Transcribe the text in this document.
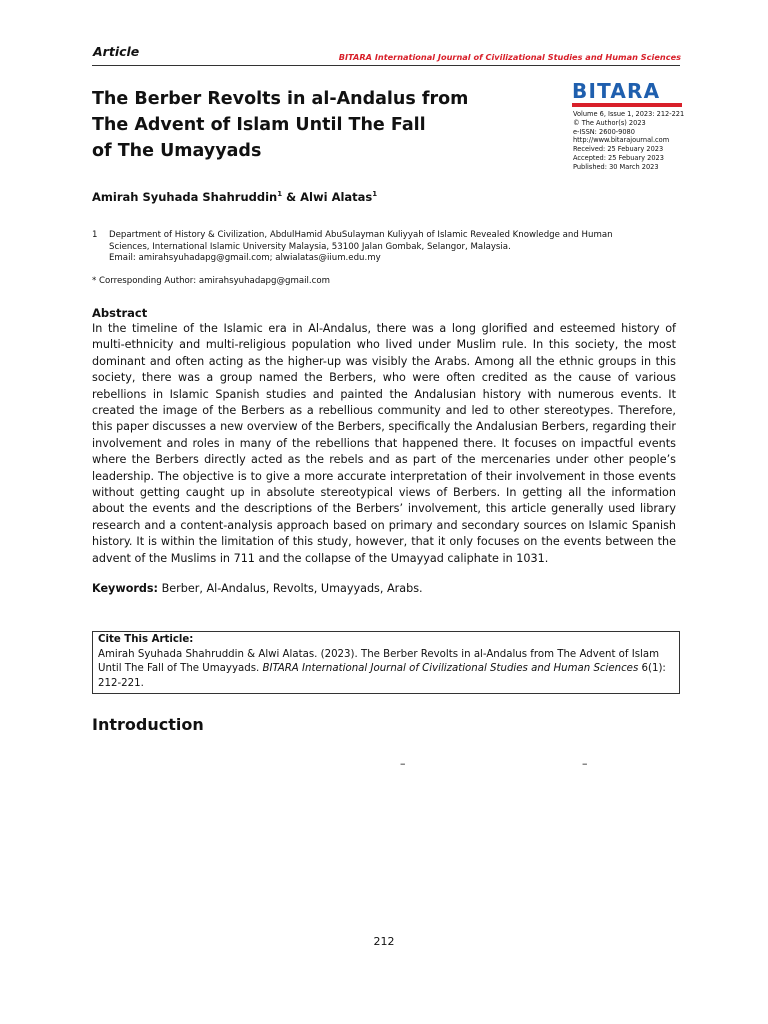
Article	BITARA International Journal of Civilizational Studies and Human Sciences
The Berber Revolts in al-Andalus from
The Advent of Islam Until The Fall
of The Umayyads
BITARA
Volume 6, Issue 1, 2023: 212-221
© The Author(s) 2023
e-ISSN: 2600-9080
http://www.bitarajournal.com
Received: 25 Febuary 2023
Accepted: 25 Febuary 2023
Published: 30 March 2023
Amirah Syuhada Shahruddin$^1$ & Alwi Alatas$^1$
1 Department of History & Civilization, AbdulHamid AbuSulayman Kuliyyah of Islamic Revealed Knowledge and Human
Sciences, International Islamic University Malaysia, 53100 Jalan Gombak, Selangor, Malaysia.
Email: amirahsyuhadapg@gmail.com; alwialatas@iium.edu.my
* Corresponding Author: amirahsyuhadapg@gmail.com
Abstract
In the timeline of the Islamic era in Al-Andalus, there was a long glorified and esteemed history of multi-ethnicity and multi-religious population who lived under Muslim rule. In this society, the most dominant and often acting as the higher-up was visibly the Arabs. Among all the ethnic groups in this society, there was a group named the Berbers, who were often credited as the cause of various rebellions in Islamic Spanish studies and painted the Andalusian history with numerous events. It created the image of the Berbers as a rebellious community and led to other stereotypes. Therefore, this paper discusses a new overview of the Berbers, specifically the Andalusian Berbers, regarding their involvement and roles in many of the rebellions that happened there. It focuses on impactful events where the Berbers directly acted as the rebels and as part of the mercenaries under other people’s leadership. The objective is to give a more accurate interpretation of their involvement in those events without getting caught up in absolute stereotypical views of Berbers. In getting all the information about the events and the descriptions of the Berbers’ involvement, this article generally used library research and a content-analysis approach based on primary and secondary sources on Islamic Spanish history. It is within the limitation of this study, however, that it only focuses on the events between the advent of the Muslims in 711 and the collapse of the Umayyad caliphate in 1031.
Keywords: Berber, Al-Andalus, Revolts, Umayyads, Arabs.
Cite This Article:
Amirah Syuhada Shahruddin & Alwi Alatas. (2023). The Berber Revolts in al-Andalus from The Advent of Islam Until The Fall of The Umayyads. BITARA International Journal of Civilizational Studies and Human Sciences 6(1): 212-221.
Introduction
–	–
212
